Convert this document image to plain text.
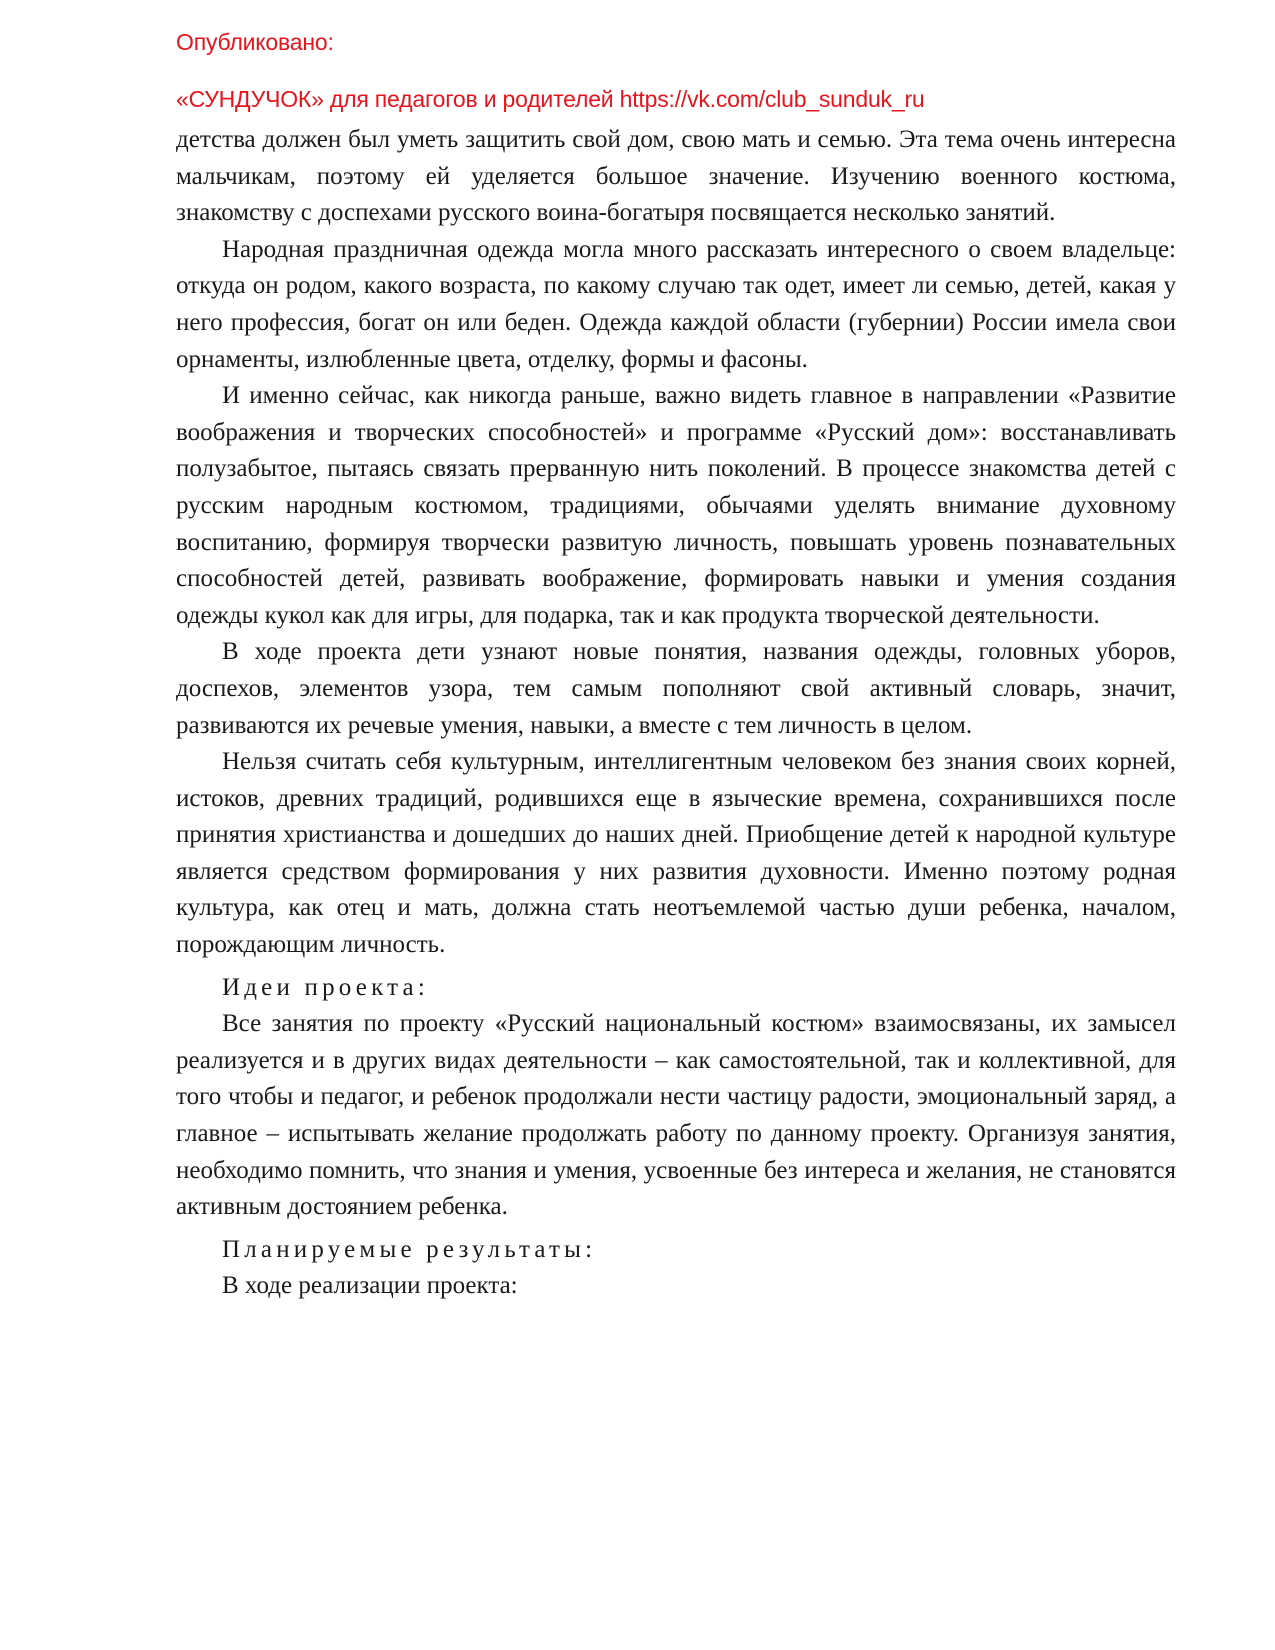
Опубликовано:
«СУНДУЧОК» для педагогов и родителей https://vk.com/club_sunduk_ru

детства должен был уметь защитить свой дом, свою мать и семью. Эта тема очень интересна мальчикам, поэтому ей уделяется большое значение. Изучению военного костюма, знакомству с доспехами русского воина-богатыря посвящается несколько занятий.

Народная праздничная одежда могла много рассказать интересного о своем владельце: откуда он родом, какого возраста, по какому случаю так одет, имеет ли семью, детей, какая у него профессия, богат он или беден. Одежда каждой области (губернии) России имела свои орнаменты, излюбленные цвета, отделку, формы и фасоны.

И именно сейчас, как никогда раньше, важно видеть главное в направлении «Развитие воображения и творческих способностей» и программе «Русский дом»: восстанавливать полузабытое, пытаясь связать прерванную нить поколений. В процессе знакомства детей с русским народным костюмом, традициями, обычаями уделять внимание духовному воспитанию, формируя творчески развитую личность, повышать уровень познавательных способностей детей, развивать воображение, формировать навыки и умения создания одежды кукол как для игры, для подарка, так и как продукта творческой деятельности.

В ходе проекта дети узнают новые понятия, названия одежды, головных уборов, доспехов, элементов узора, тем самым пополняют свой активный словарь, значит, развиваются их речевые умения, навыки, а вместе с тем личность в целом.

Нельзя считать себя культурным, интеллигентным человеком без знания своих корней, истоков, древних традиций, родившихся еще в языческие времена, сохранившихся после принятия христианства и дошедших до наших дней. Приобщение детей к народной культуре является средством формирования у них развития духовности. Именно поэтому родная культура, как отец и мать, должна стать неотъемлемой частью души ребенка, началом, порождающим личность.

Идеи проекта:

Все занятия по проекту «Русский национальный костюм» взаимосвязаны, их замысел реализуется и в других видах деятельности – как самостоятельной, так и коллективной, для того чтобы и педагог, и ребенок продолжали нести частицу радости, эмоциональный заряд, а главное – испытывать желание продолжать работу по данному проекту. Организуя занятия, необходимо помнить, что знания и умения, усвоенные без интереса и желания, не становятся активным достоянием ребенка.

Планируемые результаты:

В ходе реализации проекта:
